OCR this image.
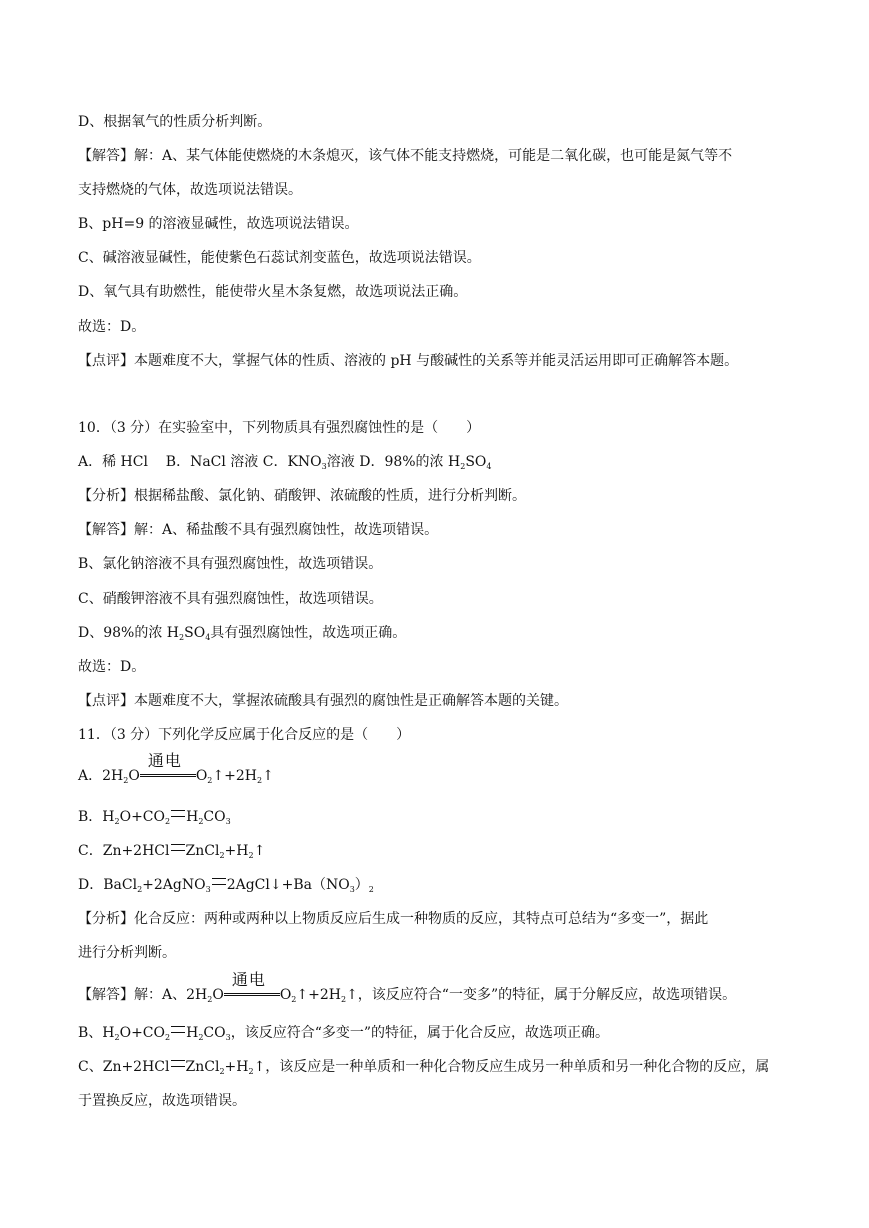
D、根据氧气的性质分析判断。
【解答】解：A、某气体能使燃烧的木条熄灭，该气体不能支持燃烧，可能是二氧化碳，也可能是氮气等不
支持燃烧的气体，故选项说法错误。
B、pH=9 的溶液显碱性，故选项说法错误。
C、碱溶液显碱性，能使紫色石蕊试剂变蓝色，故选项说法错误。
D、氧气具有助燃性，能使带火星木条复燃，故选项说法正确。
故选：D。
【点评】本题难度不大，掌握气体的性质、溶液的 pH 与酸碱性的关系等并能灵活运用即可正确解答本题。
10．（3 分）在实验室中，下列物质具有强烈腐蚀性的是（　　）
A．稀 HCl B．NaCl 溶液 C．$KNO_3$溶液 D．98%的浓 $H_2SO_4$
【分析】根据稀盐酸、氯化钠、硝酸钾、浓硫酸的性质，进行分析判断。
【解答】解：A、稀盐酸不具有强烈腐蚀性，故选项错误。
B、氯化钠溶液不具有强烈腐蚀性，故选项错误。
C、硝酸钾溶液不具有强烈腐蚀性，故选项错误。
D、98%的浓 $H_2SO_4$具有强烈腐蚀性，故选项正确。
故选：D。
【点评】本题难度不大，掌握浓硫酸具有强烈的腐蚀性是正确解答本题的关键。
11．（3 分）下列化学反应属于化合反应的是（　　）
A．$2H_2O$
通电
$O_2↑+2H_2↑$
B．$H_2O+CO_2$ $H_2CO_3$
C．Zn+2HCl $ZnCl_2+H_2↑$
D．BaCl$_2$+2AgNO$_3$ $2AgCl↓+Ba(NO_3)_2$
【分析】化合反应：两种或两种以上物质反应后生成一种物质的反应，其特点可总结为“多变一”，据此
进行分析判断。
【解答】解：A、$2H_2O$
通电
$O_2↑+2H_2↑$，该反应符合“一变多”的特征，属于分解反应，故选项错误。
B、$H_2O+CO_2$ $H_2CO_3$，该反应符合“多变一”的特征，属于化合反应，故选项正确。
C、Zn+2HCl $ZnCl_2+H_2↑$，该反应是一种单质和一种化合物反应生成另一种单质和另一种化合物的反应，属
于置换反应，故选项错误。
